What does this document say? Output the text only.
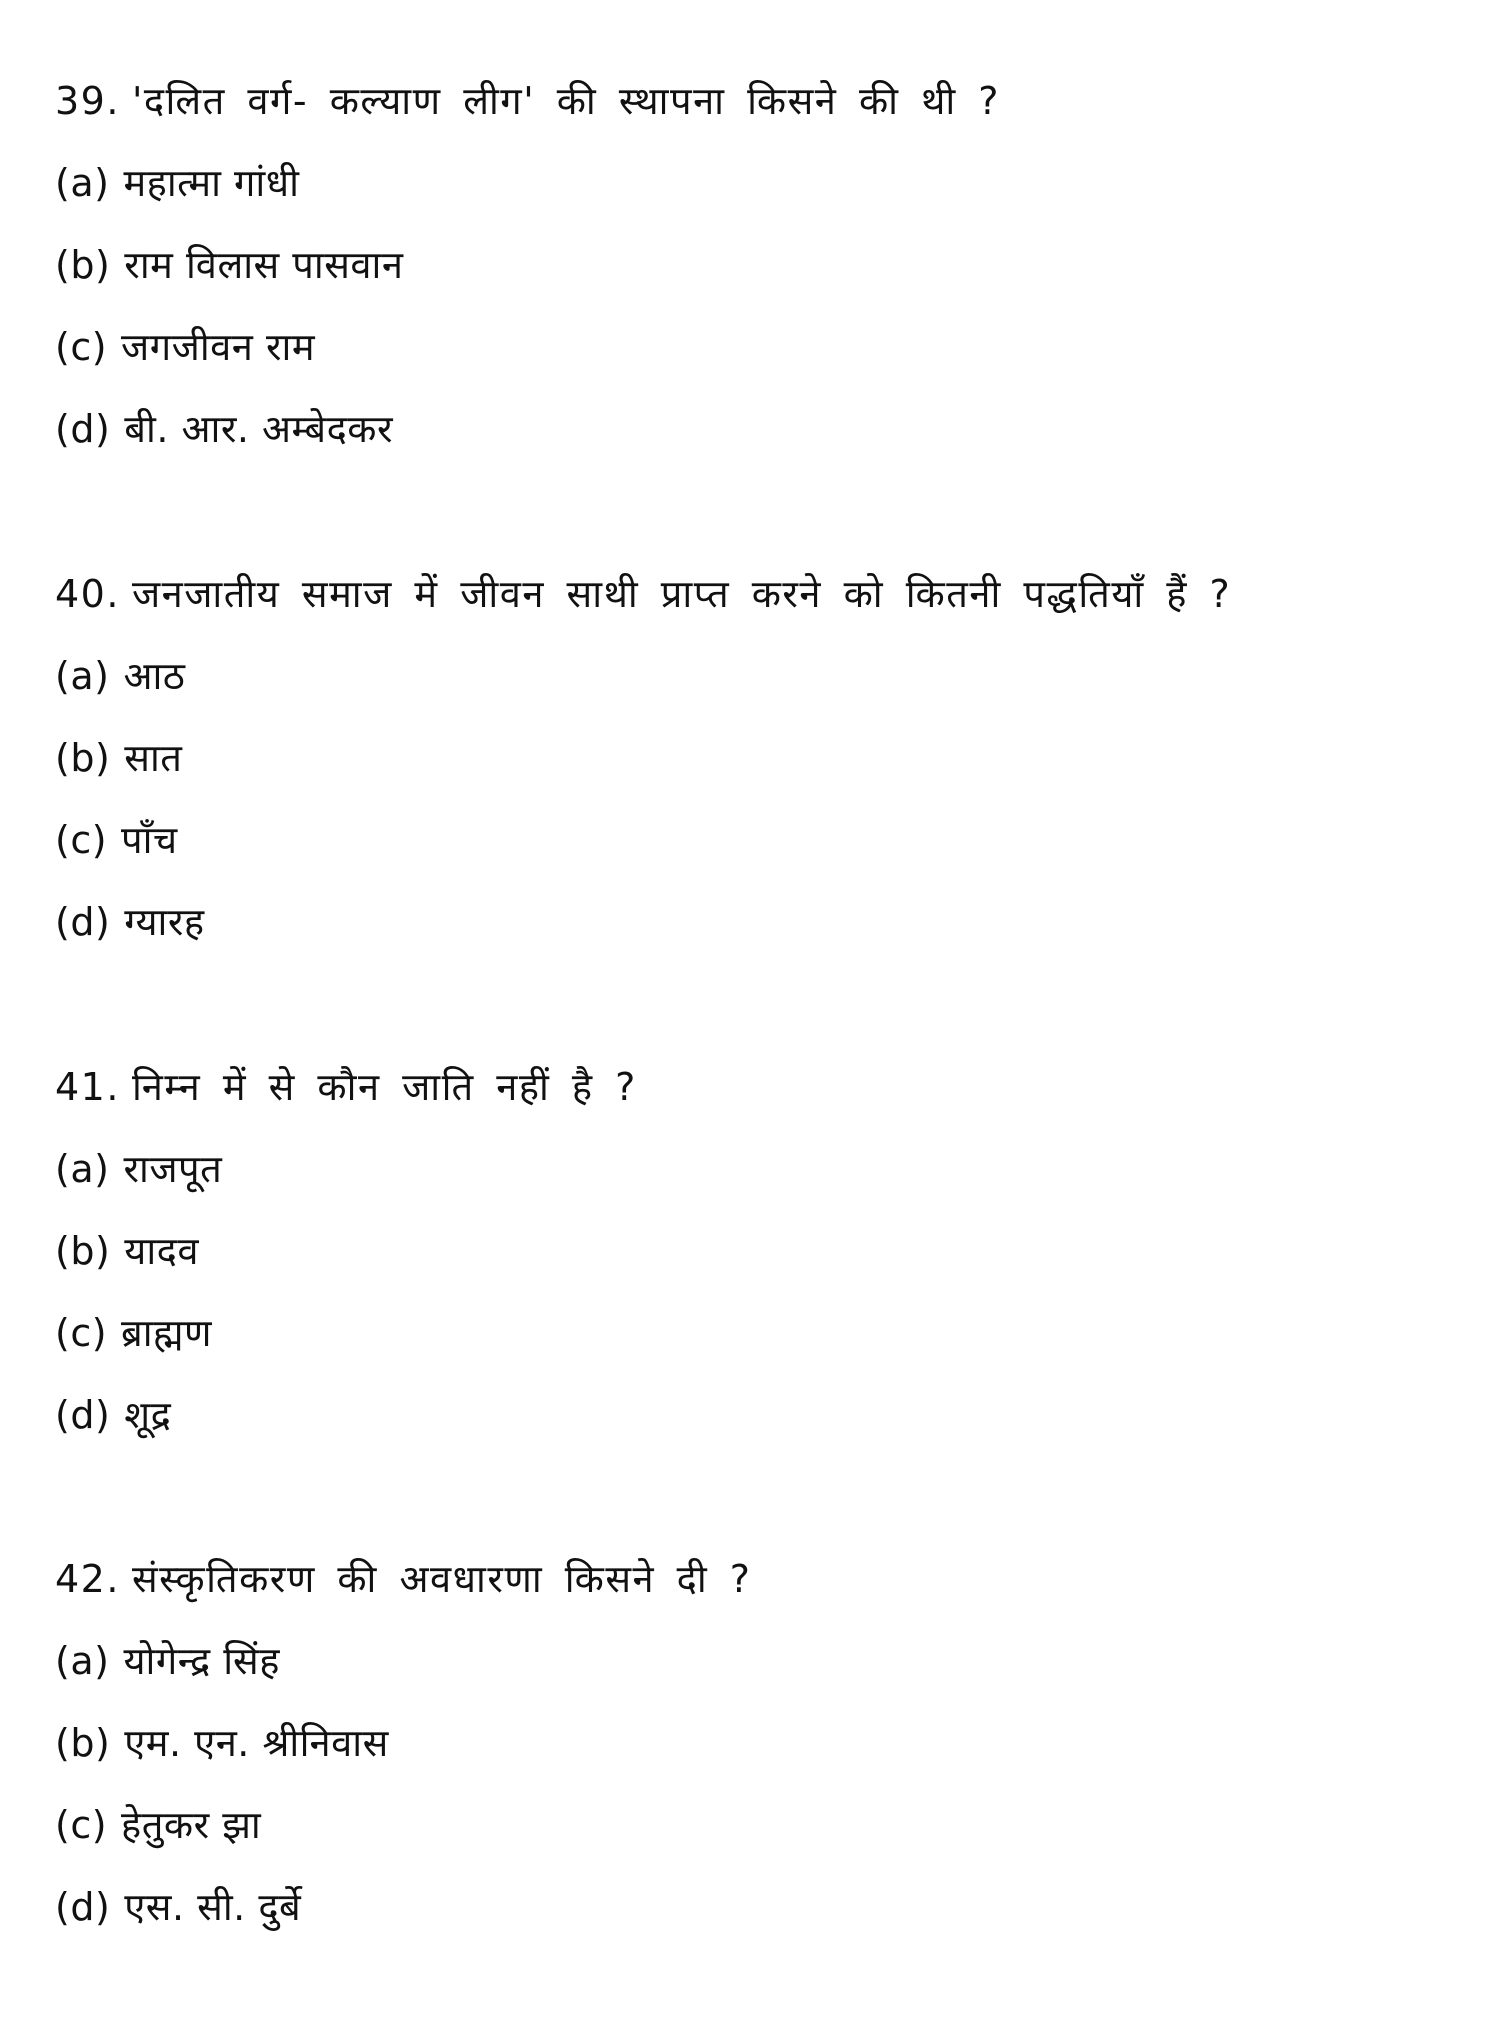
39. 'दलित वर्ग- कल्याण लीग' की स्थापना किसने की थी ?
(a) महात्मा गांधी
(b) राम विलास पासवान
(c) जगजीवन राम
(d) बी. आर. अम्बेदकर
40. जनजातीय समाज में जीवन साथी प्राप्त करने को कितनी पद्धतियाँ हैं ?
(a) आठ
(b) सात
(c) पाँच
(d) ग्यारह
41. निम्न में से कौन जाति नहीं है ?
(a) राजपूत
(b) यादव
(c) ब्राह्मण
(d) शूद्र
42. संस्कृतिकरण की अवधारणा किसने दी ?
(a) योगेन्द्र सिंह
(b) एम. एन. श्रीनिवास
(c) हेतुकर झा
(d) एस. सी. दुर्बे
